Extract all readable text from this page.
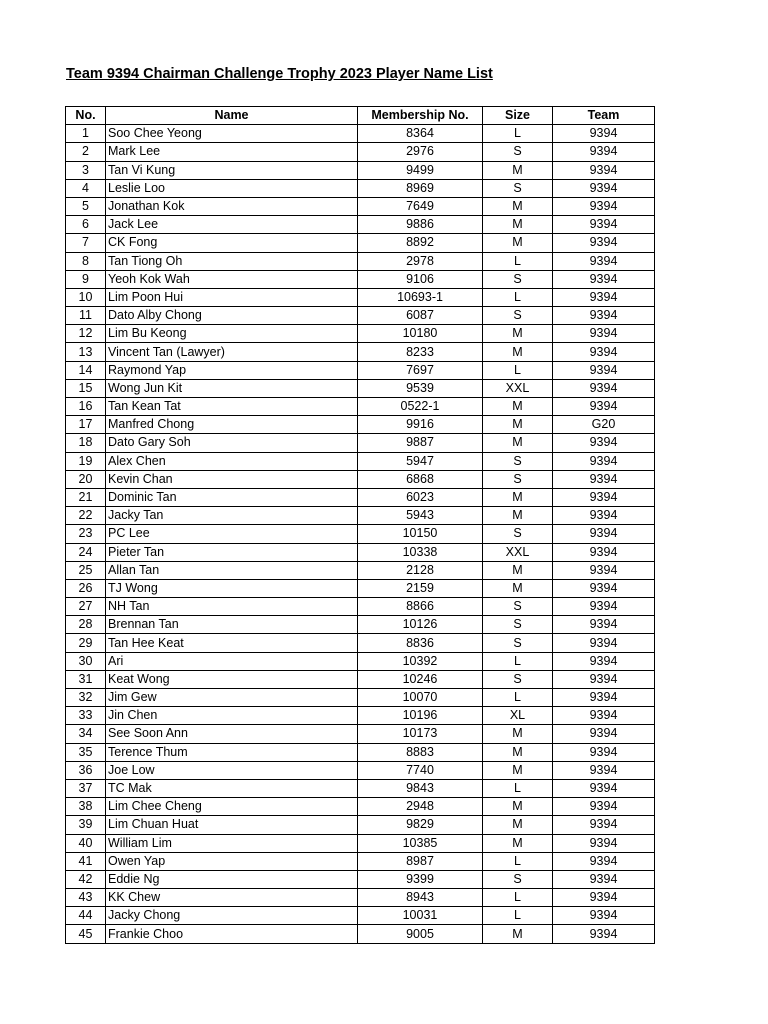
Team 9394 Chairman Challenge Trophy 2023 Player Name List
No.	Name	Membership No.	Size	Team
1	Soo Chee Yeong	8364	L	9394
2	Mark Lee	2976	S	9394
3	Tan Vi Kung	9499	M	9394
4	Leslie Loo	8969	S	9394
5	Jonathan Kok	7649	M	9394
6	Jack Lee	9886	M	9394
7	CK Fong	8892	M	9394
8	Tan Tiong Oh	2978	L	9394
9	Yeoh Kok Wah	9106	S	9394
10	Lim Poon Hui	10693-1	L	9394
11	Dato Alby Chong	6087	S	9394
12	Lim Bu Keong	10180	M	9394
13	Vincent Tan (Lawyer)	8233	M	9394
14	Raymond Yap	7697	L	9394
15	Wong Jun Kit	9539	XXL	9394
16	Tan Kean Tat	0522-1	M	9394
17	Manfred Chong	9916	M	G20
18	Dato Gary Soh	9887	M	9394
19	Alex Chen	5947	S	9394
20	Kevin Chan	6868	S	9394
21	Dominic Tan	6023	M	9394
22	Jacky Tan	5943	M	9394
23	PC Lee	10150	S	9394
24	Pieter Tan	10338	XXL	9394
25	Allan Tan	2128	M	9394
26	TJ Wong	2159	M	9394
27	NH Tan	8866	S	9394
28	Brennan Tan	10126	S	9394
29	Tan Hee Keat	8836	S	9394
30	Ari	10392	L	9394
31	Keat Wong	10246	S	9394
32	Jim Gew	10070	L	9394
33	Jin Chen	10196	XL	9394
34	See Soon Ann	10173	M	9394
35	Terence Thum	8883	M	9394
36	Joe Low	7740	M	9394
37	TC Mak	9843	L	9394
38	Lim Chee Cheng	2948	M	9394
39	Lim Chuan Huat	9829	M	9394
40	William Lim	10385	M	9394
41	Owen Yap	8987	L	9394
42	Eddie Ng	9399	S	9394
43	KK Chew	8943	L	9394
44	Jacky Chong	10031	L	9394
45	Frankie Choo	9005	M	9394
